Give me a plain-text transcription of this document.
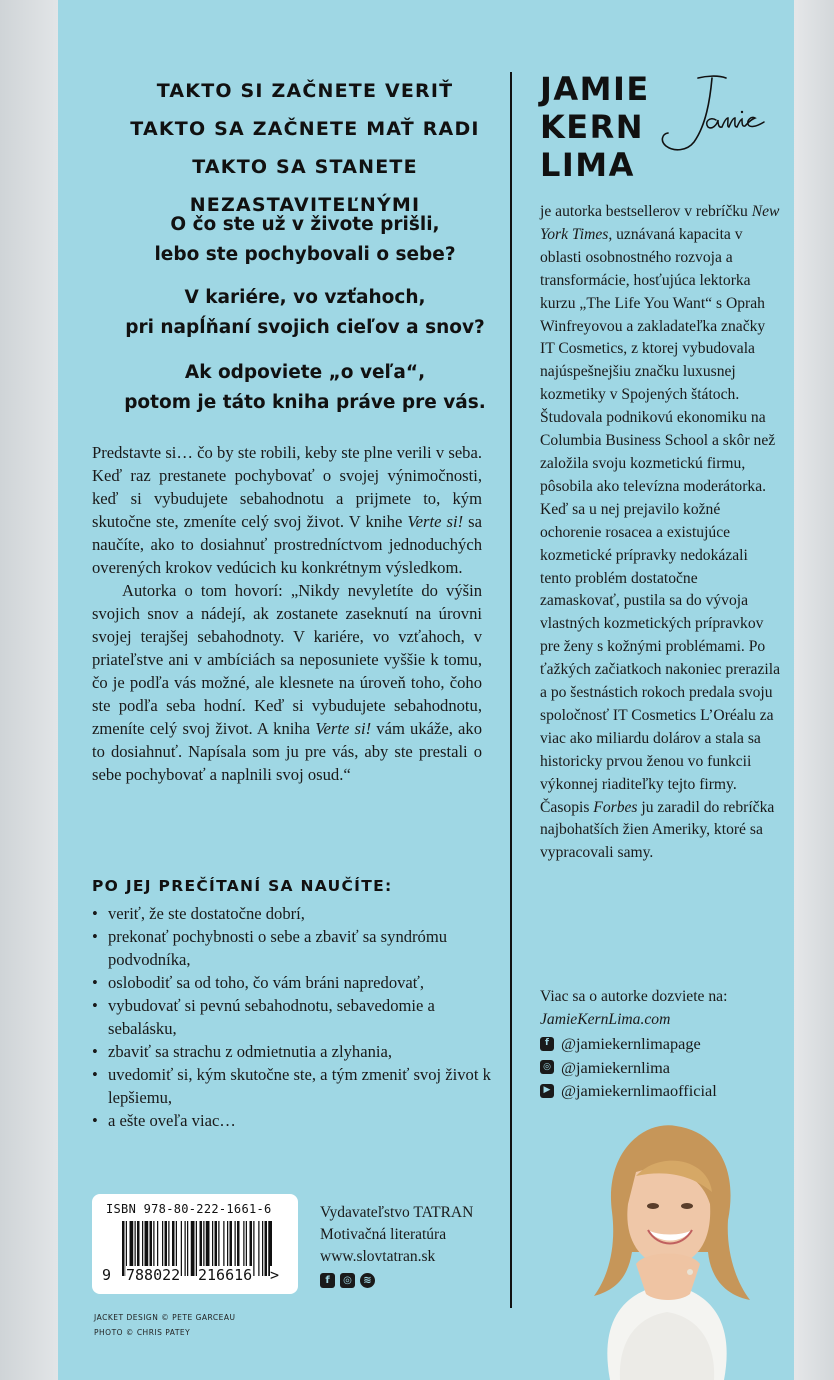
TAKTO SI ZAČNETE VERIŤ
TAKTO SA ZAČNETE MAŤ RADI
TAKTO SA STANETE NEZASTAVITEĽNÝMI
O čo ste už v živote prišli,
lebo ste pochybovali o sebe?
V kariére, vo vzťahoch,
pri napĺňaní svojich cieľov a snov?
Ak odpoviete „o veľa“,
potom je táto kniha práve pre vás.

Predstavte si… čo by ste robili, keby ste plne verili v seba. Keď raz prestanete pochybovať o svojej výnimočnosti, keď si vybudujete sebahodnotu a prijmete to, kým skutočne ste, zmeníte celý svoj život. V knihe Verte si! sa naučíte, ako to dosiahnuť prostredníctvom jednoduchých overených krokov vedúcich ku konkrétnym výsledkom.

Autorka o tom hovorí: „Nikdy nevyletíte do výšin svojich snov a nádejí, ak zostanete zaseknutí na úrovni svojej terajšej sebahodnoty. V kariére, vo vzťahoch, v priateľstve ani v ambíciách sa neposuniete vyššie k tomu, čo je podľa vás možné, ale klesnete na úroveň toho, čoho ste podľa seba hodní. Keď si vybudujete sebahodnotu, zmeníte celý svoj život. A kniha Verte si! vám ukáže, ako to dosiahnuť. Napísala som ju pre vás, aby ste prestali o sebe pochybovať a naplnili svoj osud.“

PO JEJ PREČÍTANÍ SA NAUČÍTE:
• veriť, že ste dostatočne dobrí,
• prekonať pochybnosti o sebe a zbaviť sa syndrómu podvodníka,
• oslobodiť sa od toho, čo vám bráni napredovať,
• vybudovať si pevnú sebahodnotu, sebavedomie a sebalásku,
• zbaviť sa strachu z odmietnutia a zlyhania,
• uvedomiť si, kým skutočne ste, a tým zmeniť svoj život k lepšiemu,
• a ešte oveľa viac…
ISBN 978-80-222-1661-6
9 788022 216616 >
Vydavateľstvo TATRAN
Motivačná literatúra
www.slovtatran.sk
f	◎	≋
JACKET DESIGN © PETE GARCEAU
PHOTO © CHRIS PATEY
JAMIE
KERN
LIMA
je autorka bestsellerov v rebríčku New York Times, uznávaná kapacita v oblasti osobnostného rozvoja a transformácie, hosťujúca lektorka kurzu „The Life You Want“ s Oprah Winfreyovou a zakladateľka značky IT Cosmetics, z ktorej vybudovala najúspešnejšiu značku luxusnej kozmetiky v Spojených štátoch. Študovala podnikovú ekonomiku na Columbia Business School a skôr než založila svoju kozmetickú firmu, pôsobila ako televízna moderátorka. Keď sa u nej prejavilo kožné ochorenie rosacea a existujúce kozmetické prípravky nedokázali tento problém dostatočne zamaskovať, pustila sa do vývoja vlastných kozmetických prípravkov pre ženy s kožnými problémami. Po ťažkých začiatkoch nakoniec prerazila a po šestnástich rokoch predala svoju spoločnosť IT Cosmetics L’Oréalu za viac ako miliardu dolárov a stala sa historicky prvou ženou vo funkcii výkonnej riaditeľky tejto firmy. Časopis Forbes ju zaradil do rebríčka najbohatších žien Ameriky, ktoré sa vypracovali samy.
Viac sa o autorke dozviete na:
JamieKernLima.com
f @jamiekernlimapage
◎ @jamiekernlima
▶ @jamiekernlimaofficial
